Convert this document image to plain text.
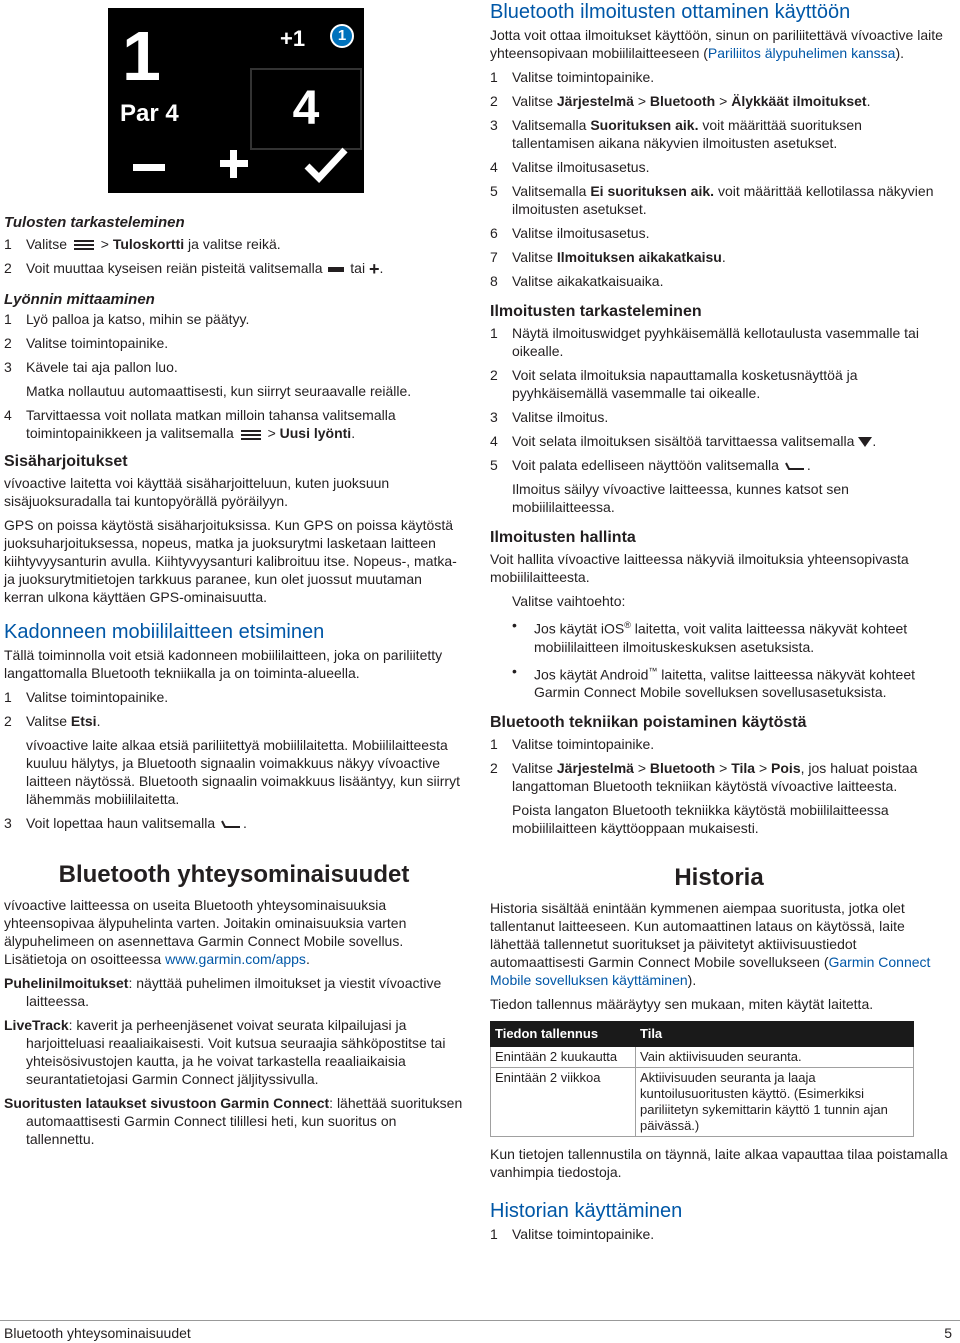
1	+1	1
Par 4	4

Tulosten tarkasteleminen

1 Valitse > Tuloskortti ja valitse reikä.
2 Voit muuttaa kyseisen reiän pisteitä valitsemalla tai +.

Lyönnin mittaaminen

1 Lyö palloa ja katso, mihin se päätyy.
2 Valitse toimintopainike.
3 Kävele tai aja pallon luo.

Matka nollautuu automaattisesti, kun siirryt seuraavalle reiälle.

4 Tarvittaessa voit nollata matkan milloin tahansa valitsemalla toimintopainikkeen ja valitsemalla > Uusi lyönti.

Sisäharjoitukset

vívoactive laitetta voi käyttää sisäharjoitteluun, kuten juoksuun sisäjuoksuradalla tai kuntopyörällä pyöräilyyn.

GPS on poissa käytöstä sisäharjoituksissa. Kun GPS on poissa käytöstä juoksuharjoituksessa, nopeus, matka ja juoksurytmi lasketaan laitteen kiihtyvyysanturin avulla. Kiihtyvyysanturi kalibroituu itse. Nopeus-, matka- ja juoksurytmitietojen tarkkuus paranee, kun olet juossut muutaman kerran ulkona käyttäen GPS-ominaisuutta.

Kadonneen mobiililaitteen etsiminen

Tällä toiminnolla voit etsiä kadonneen mobiililaitteen, joka on pariliitetty langattomalla Bluetooth tekniikalla ja on toiminta-alueella.

1 Valitse toimintopainike.
2 Valitse Etsi.

vívoactive laite alkaa etsiä pariliitettyä mobiililaitetta. Mobiililaitteesta kuuluu hälytys, ja Bluetooth signaalin voimakkuus näkyy vívoactive laitteen näytössä. Bluetooth signaalin voimakkuus lisääntyy, kun siirryt lähemmäs mobiililaitetta.

3 Voit lopettaa haun valitsemalla .

Bluetooth yhteysominaisuudet

vívoactive laitteessa on useita Bluetooth yhteysominaisuuksia yhteensopivaa älypuhelinta varten. Joitakin ominaisuuksia varten älypuhelimeen on asennettava Garmin Connect Mobile sovellus. Lisätietoja on osoitteessa www.garmin.com/apps.

Puhelinilmoitukset: näyttää puhelimen ilmoitukset ja viestit vívoactive laitteessa.

LiveTrack: kaverit ja perheenjäsenet voivat seurata kilpailujasi ja harjoitteluasi reaaliaikaisesti. Voit kutsua seuraajia sähköpostitse tai yhteisösivustojen kautta, ja he voivat tarkastella reaaliaikaisia seurantatietojasi Garmin Connect jäljityssivulla.

Suoritusten lataukset sivustoon Garmin Connect: lähettää suorituksen automaattisesti Garmin Connect tilillesi heti, kun suoritus on tallennettu.

Bluetooth ilmoitusten ottaminen käyttöön

Jotta voit ottaa ilmoitukset käyttöön, sinun on pariliitettävä vívoactive laite yhteensopivaan mobiililaitteeseen (Pariliitos älypuhelimen kanssa).

1 Valitse toimintopainike.
2 Valitse Järjestelmä > Bluetooth > Älykkäät ilmoitukset.
3 Valitsemalla Suorituksen aik. voit määrittää suorituksen tallentamisen aikana näkyvien ilmoitusten asetukset.
4 Valitse ilmoitusasetus.
5 Valitsemalla Ei suorituksen aik. voit määrittää kellotilassa näkyvien ilmoitusten asetukset.
6 Valitse ilmoitusasetus.
7 Valitse Ilmoituksen aikakatkaisu.
8 Valitse aikakatkaisuaika.

Ilmoitusten tarkasteleminen

1 Näytä ilmoituswidget pyyhkäisemällä kellotaulusta vasemmalle tai oikealle.
2 Voit selata ilmoituksia napauttamalla kosketusnäyttöä ja pyyhkäisemällä vasemmalle tai oikealle.
3 Valitse ilmoitus.
4 Voit selata ilmoituksen sisältöä tarvittaessa valitsemalla .
5 Voit palata edelliseen näyttöön valitsemalla .

Ilmoitus säilyy vívoactive laitteessa, kunnes katsot sen mobiililaitteessa.

Ilmoitusten hallinta

Voit hallita vívoactive laitteessa näkyviä ilmoituksia yhteensopivasta mobiililaitteesta.

Valitse vaihtoehto:

• Jos käytät iOS® laitetta, voit valita laitteessa näkyvät kohteet mobiililaitteen ilmoituskeskuksen asetuksista.
• Jos käytät Android™ laitetta, valitse laitteessa näkyvät kohteet Garmin Connect Mobile sovelluksen sovellusasetuksista.

Bluetooth tekniikan poistaminen käytöstä

1 Valitse toimintopainike.
2 Valitse Järjestelmä > Bluetooth > Tila > Pois, jos haluat poistaa langattoman Bluetooth tekniikan käytöstä vívoactive laitteesta.

Poista langaton Bluetooth tekniikka käytöstä mobiililaitteessa mobiililaitteen käyttöoppaan mukaisesti.

Historia

Historia sisältää enintään kymmenen aiempaa suoritusta, jotka olet tallentanut laitteeseen. Kun automaattinen lataus on käytössä, laite lähettää tallennetut suoritukset ja päivitetyt aktiivisuustiedot automaattisesti Garmin Connect Mobile sovellukseen (Garmin Connect Mobile sovelluksen käyttäminen).

Tiedon tallennus määräytyy sen mukaan, miten käytät laitetta.

Tiedon tallennus	Tila
Enintään 2 kuukautta	Vain aktiivisuuden seuranta.
Enintään 2 viikkoa	Aktiivisuuden seuranta ja laaja kuntoilusuoritusten käyttö. (Esimerkiksi pariliitetyn sykemittarin käyttö 1 tunnin ajan päivässä.)

Kun tietojen tallennustila on täynnä, laite alkaa vapauttaa tilaa poistamalla vanhimpia tiedostoja.

Historian käyttäminen

1 Valitse toimintopainike.
Bluetooth yhteysominaisuudet	5
